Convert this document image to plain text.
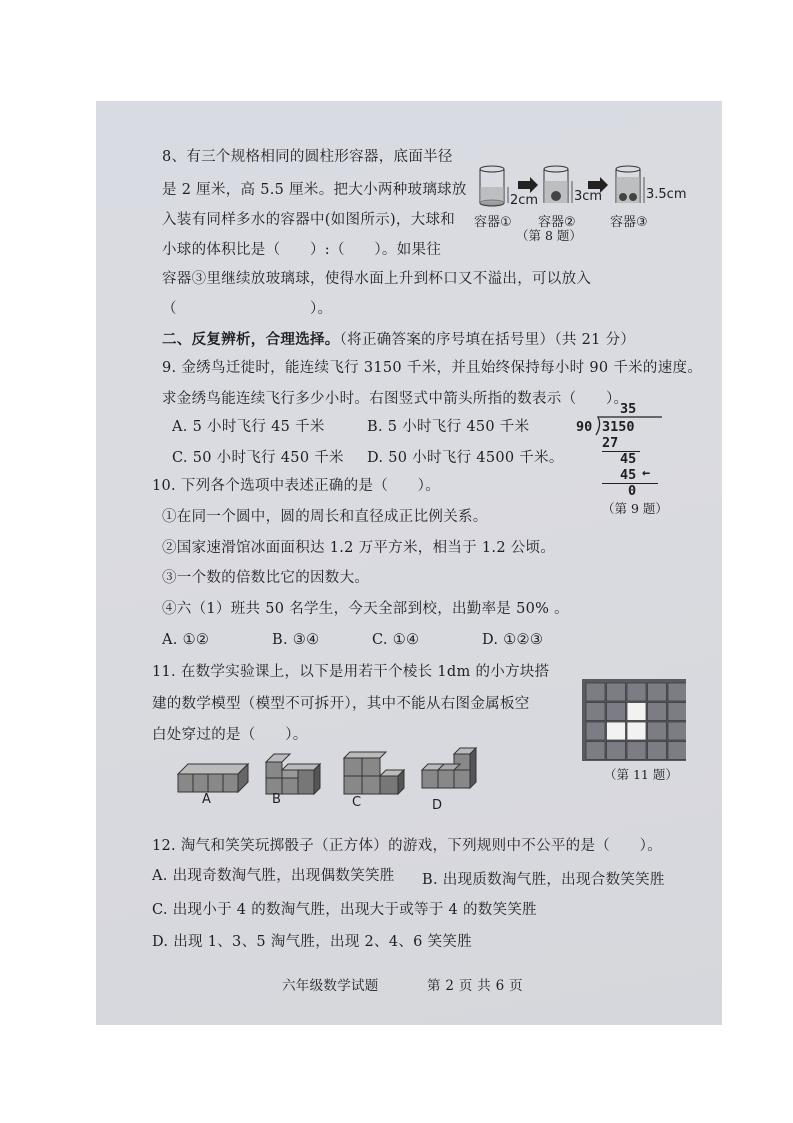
8、有三个规格相同的圆柱形容器，底面半径
是 2 厘米，高 5.5 厘米。把大小两种玻璃球放
入装有同样多水的容器中(如图所示)，大球和
小球的体积比是（　　）:（　　）。如果往
容器③里继续放玻璃球，使得水面上升到杯口又不溢出，可以放入
（　　　　　　　　　）。
2cm	3cm	3.5cm
容器① 容器②	容器③
（第 8 题）
二、反复辨析，合理选择。（将正确答案的序号填在括号里）（共 21 分）
9. 金绣鸟迁徙时，能连续飞行 3150 千米，并且始终保持每小时 90 千米的速度。
求金绣鸟能连续飞行多少小时。右图竖式中箭头所指的数表示（　　）。
A. 5 小时飞行 45 千米	B. 5 小时飞行 450 千米
C. 50 小时飞行 450 千米 D. 50 小时飞行 4500 千米。
35
90 3150
27
45
45 ←
0
（第 9 题）
10. 下列各个选项中表述正确的是（　　）。
①在同一个圆中，圆的周长和直径成正比例关系。
②国家速滑馆冰面面积达 1.2 万平方米，相当于 1.2 公顷。
③一个数的倍数比它的因数大。
④六（1）班共 50 名学生，今天全部到校，出勤率是 50% 。
A. ①②	B. ③④	C. ①④	D. ①②③
11. 在数学实验课上，以下是用若干个棱长 1dm 的小方块搭
建的数学模型（模型不可拆开），其中不能从右图金属板空
白处穿过的是（　　）。
（第 11 题）
A	B	C	D
12. 淘气和笑笑玩掷骰子（正方体）的游戏，下列规则中不公平的是（　　）。
A. 出现奇数淘气胜，出现偶数笑笑胜 B. 出现质数淘气胜，出现合数笑笑胜
C. 出现小于 4 的数淘气胜，出现大于或等于 4 的数笑笑胜
D. 出现 1、3、5 淘气胜，出现 2、4、6 笑笑胜
六年级数学试题	第 2 页 共 6 页
